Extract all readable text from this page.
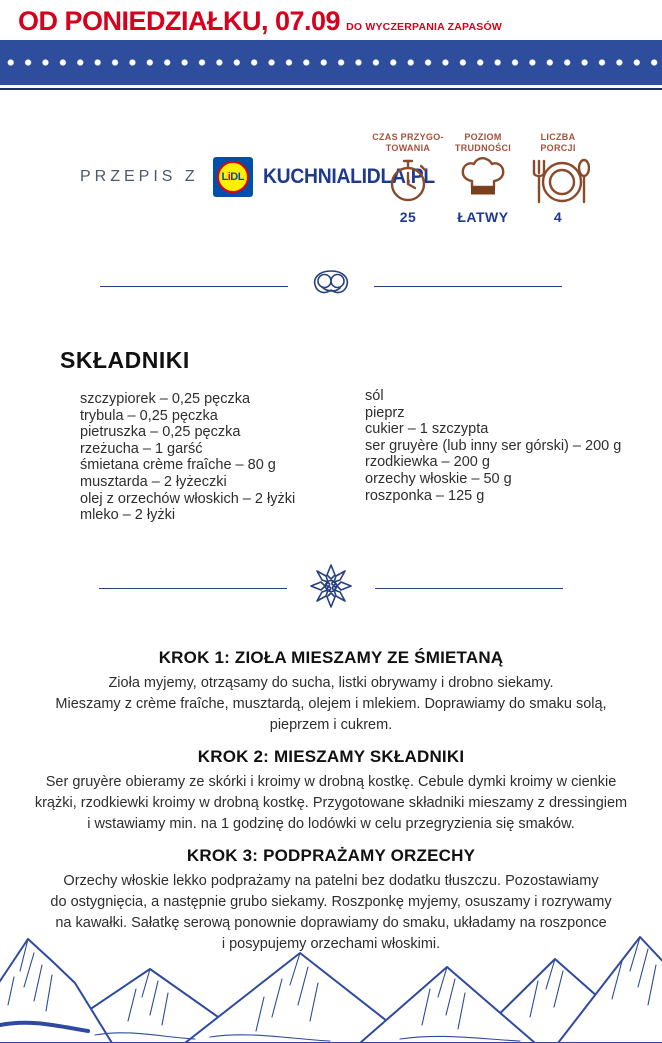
OD PONIEDZIAŁKU, 07.09 DO WYCZERPANIA ZAPASÓW
PRZEPIS Z LiDL KUCHNIALIDLA.PL
CZAS PRZYGO-
TOWANIA
25
POZIOM
TRUDNOŚCI
ŁATWY
LICZBA
PORCJI
4
SKŁADNIKI
szczypiorek – 0,25 pęczka
trybula – 0,25 pęczka
pietruszka – 0,25 pęczka
rzeżucha – 1 garść
śmietana crème fraîche – 80 g
musztarda – 2 łyżeczki
olej z orzechów włoskich – 2 łyżki
mleko – 2 łyżki
sól
pieprz
cukier – 1 szczypta
ser gruyère (lub inny ser górski) – 200 g
rzodkiewka – 200 g
orzechy włoskie – 50 g
roszponka – 125 g
KROK 1: ZIOŁA MIESZAMY ZE ŚMIETANĄ
Zioła myjemy, otrząsamy do sucha, listki obrywamy i drobno siekamy.
Mieszamy z crème fraîche, musztardą, olejem i mlekiem. Doprawiamy do smaku solą,
pieprzem i cukrem.
KROK 2: MIESZAMY SKŁADNIKI
Ser gruyère obieramy ze skórki i kroimy w drobną kostkę. Cebule dymki kroimy w cienkie
krążki, rzodkiewki kroimy w drobną kostkę. Przygotowane składniki mieszamy z dressingiem
i wstawiamy min. na 1 godzinę do lodówki w celu przegryzienia się smaków.
KROK 3: PODPRAŻAMY ORZECHY
Orzechy włoskie lekko podprażamy na patelni bez dodatku tłuszczu. Pozostawiamy
do ostygnięcia, a następnie grubo siekamy. Roszponkę myjemy, osuszamy i rozrywamy
na kawałki. Sałatkę serową ponownie doprawiamy do smaku, układamy na roszponce
i posypujemy orzechami włoskimi.
